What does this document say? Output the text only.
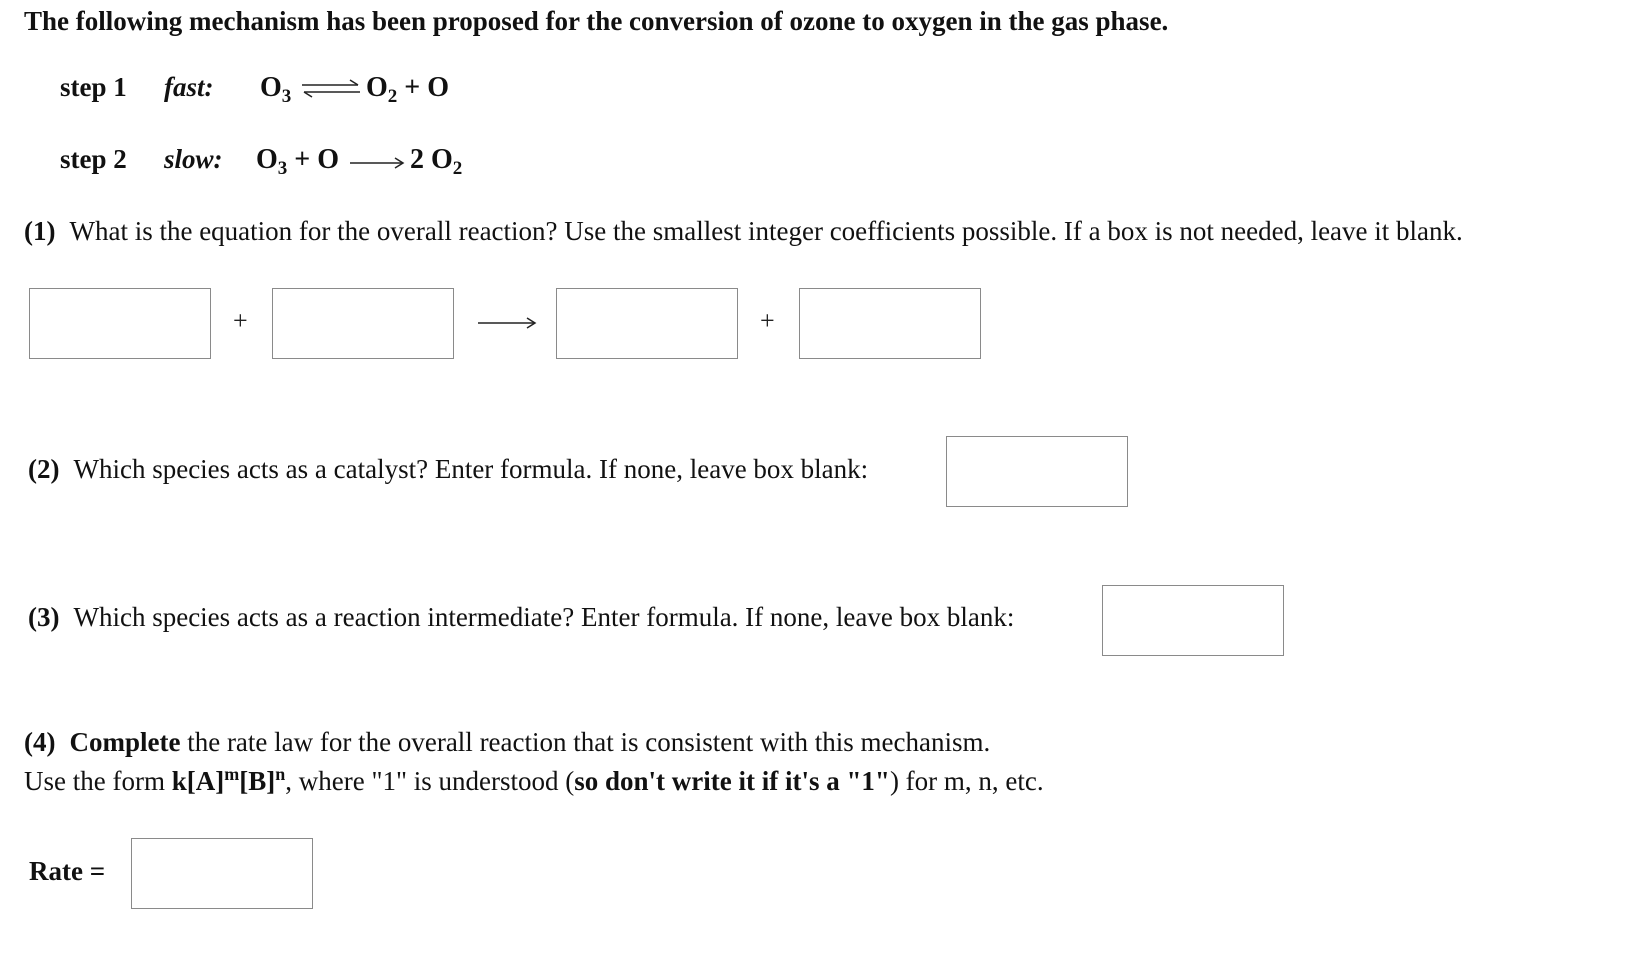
The following mechanism has been proposed for the conversion of ozone to oxygen in the gas phase.
step 1 fast: $O_3$ ⇌ $O_2 + O$
step 2 slow: $O_3 + O$	2 $O_2$
(1) What is the equation for the overall reaction? Use the smallest integer coefficients possible. If a box is not needed, leave it blank.
+	+
(2) Which species acts as a catalyst? Enter formula. If none, leave box blank:
(3) Which species acts as a reaction intermediate? Enter formula. If none, leave box blank:
(4) Complete the rate law for the overall reaction that is consistent with this mechanism.
Use the form $k[A]^m[B]^n$, where "1" is understood (so don't write it if it's a "1") for m, n, etc.
Rate =
